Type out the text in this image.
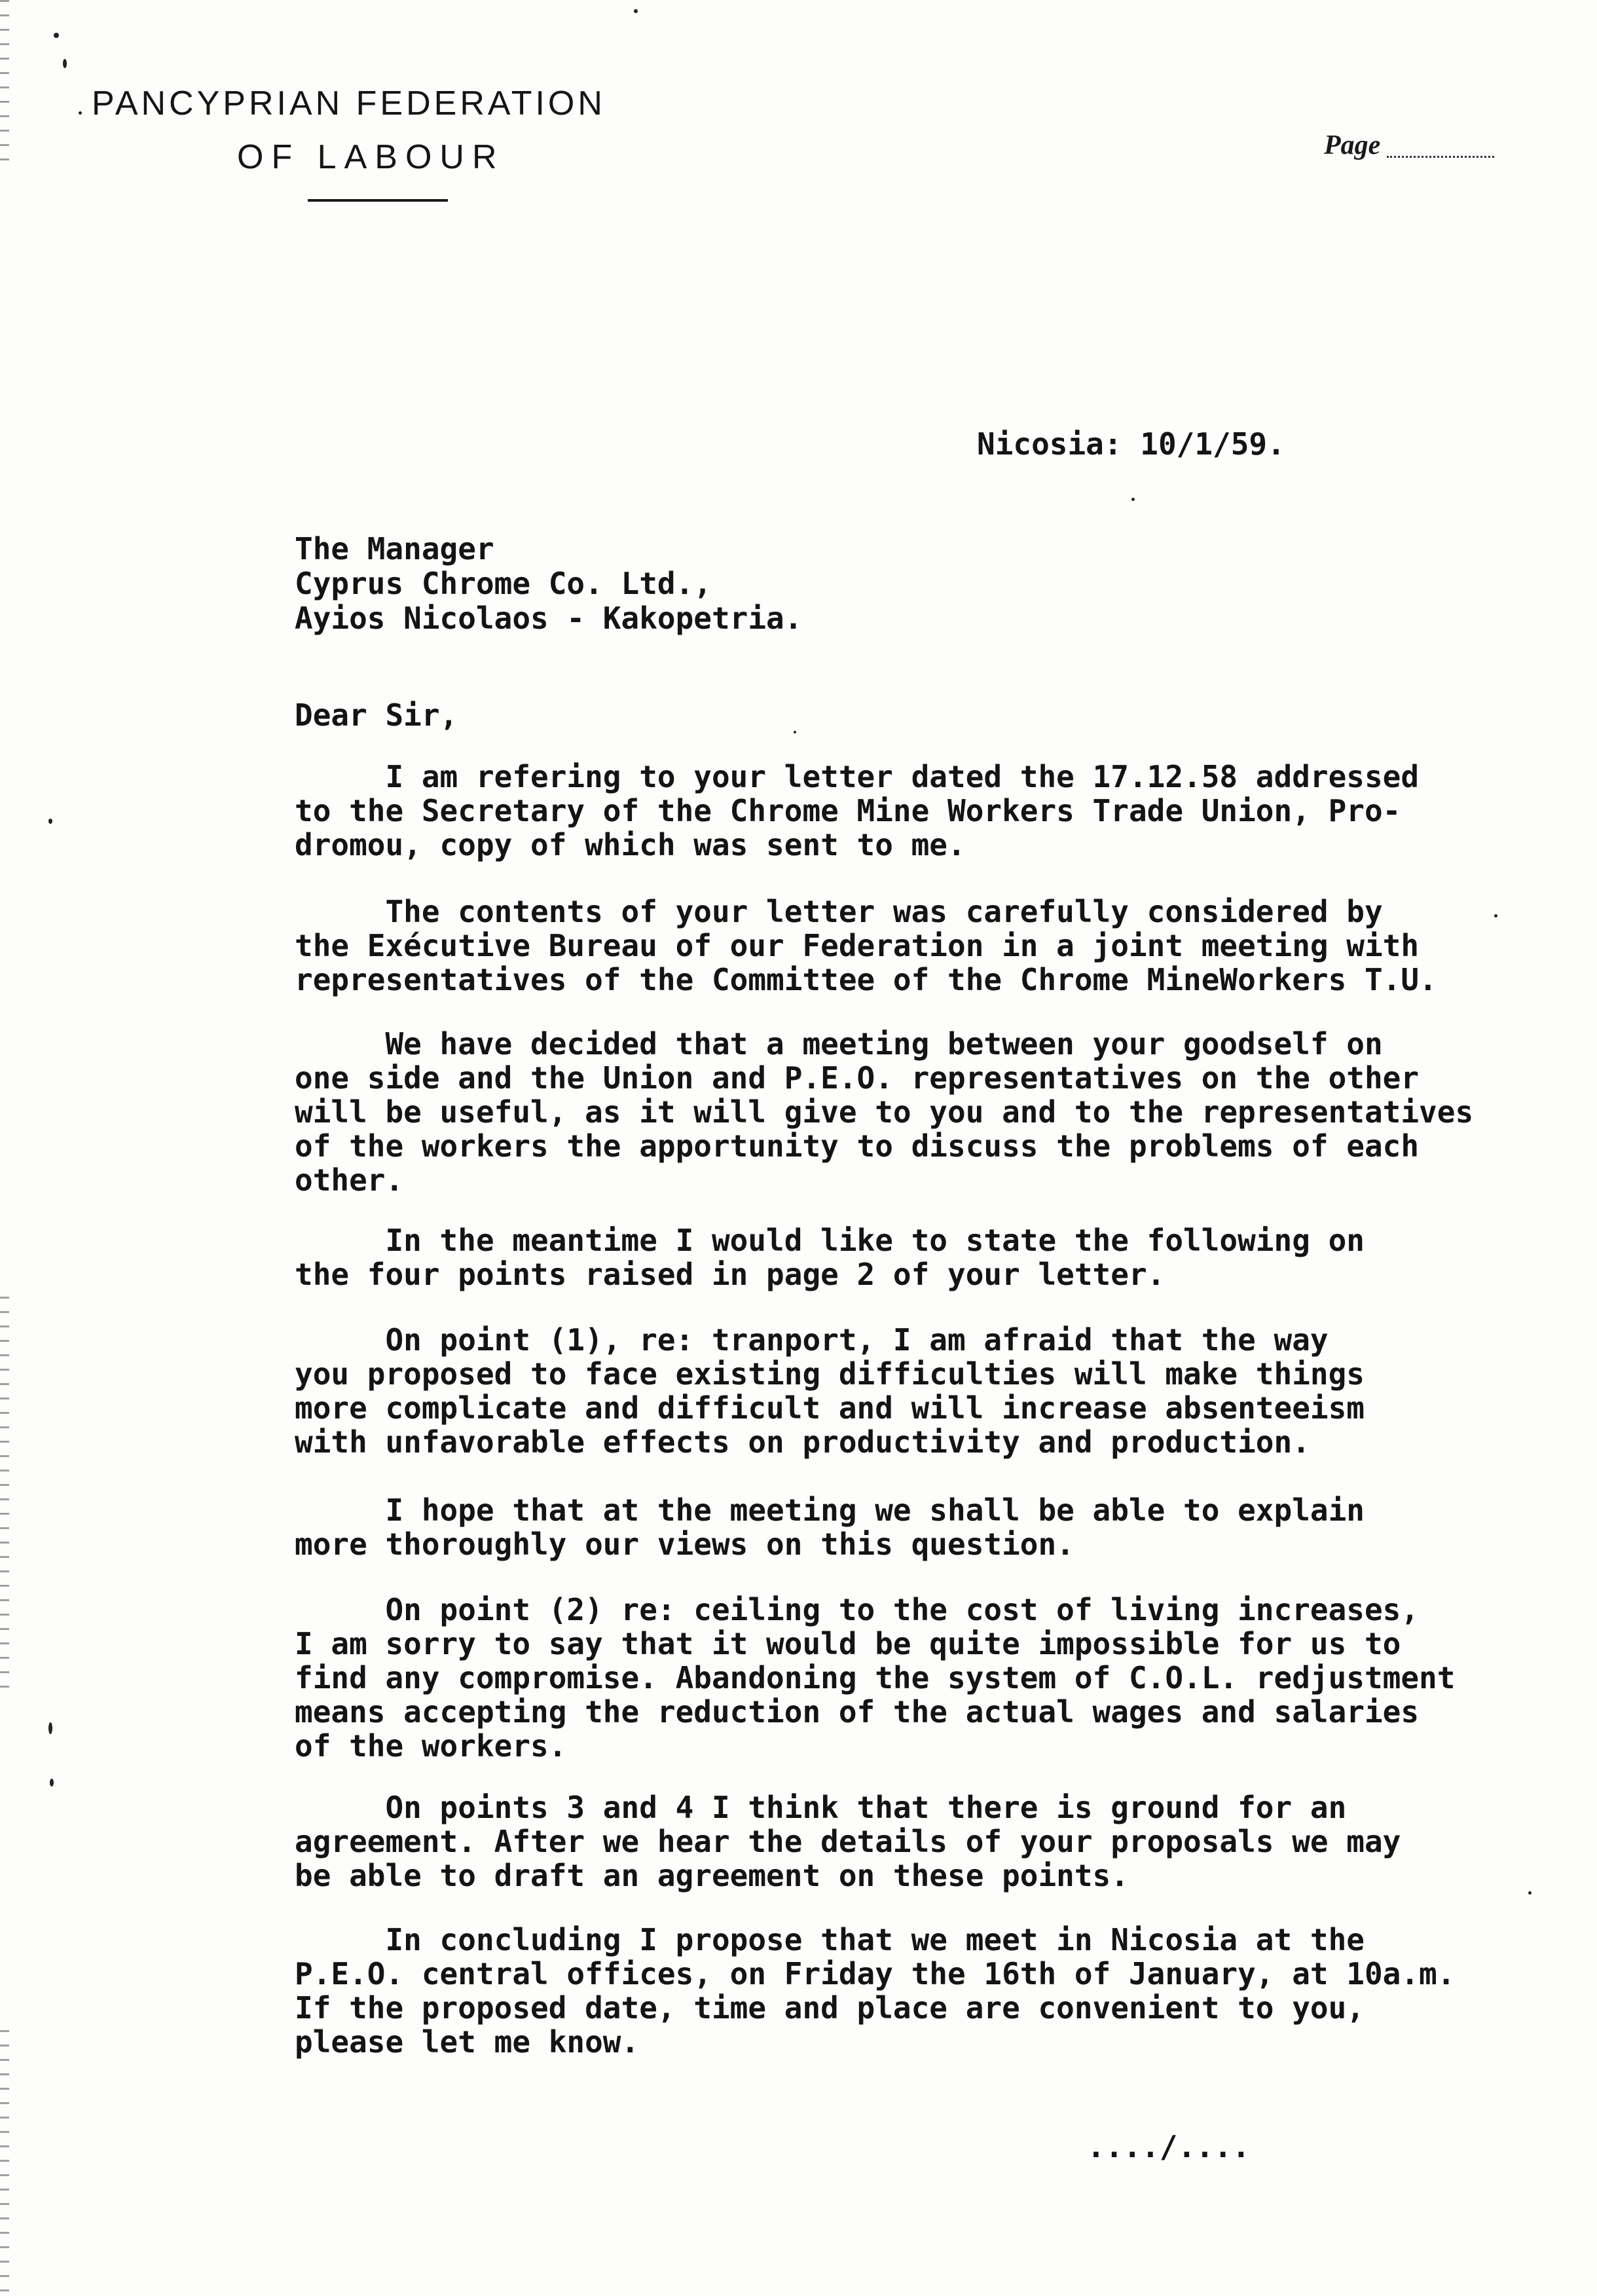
PANCYPRIAN FEDERATION
OF LABOUR	Page
Nicosia: 10/1/59.
The Manager
Cyprus Chrome Co. Ltd.,
Ayios Nicolaos - Kakopetria.
Dear Sir,
I am refering to your letter dated the 17.12.58 addressed
to the Secretary of the Chrome Mine Workers Trade Union, Pro-
dromou, copy of which was sent to me.
The contents of your letter was carefully considered by
the Exécutive Bureau of our Federation in a joint meeting with
representatives of the Committee of the Chrome MineWorkers T.U.
We have decided that a meeting between your goodself on
one side and the Union and P.E.O. representatives on the other
will be useful, as it will give to you and to the representatives
of the workers the apportunity to discuss the problems of each
other.
In the meantime I would like to state the following on
the four points raised in page 2 of your letter.
On point (1), re: tranport, I am afraid that the way
you proposed to face existing difficulties will make things
more complicate and difficult and will increase absenteeism
with unfavorable effects on productivity and production.
I hope that at the meeting we shall be able to explain
more thoroughly our views on this question.
On point (2) re: ceiling to the cost of living increases,
I am sorry to say that it would be quite impossible for us to
find any compromise. Abandoning the system of C.O.L. redjustment
means accepting the reduction of the actual wages and salaries
of the workers.
On points 3 and 4 I think that there is ground for an
agreement. After we hear the details of your proposals we may
be able to draft an agreement on these points.
In concluding I propose that we meet in Nicosia at the
P.E.O. central offices, on Friday the 16th of January, at 10a.m.
If the proposed date, time and place are convenient to you,
please let me know.
..../....
